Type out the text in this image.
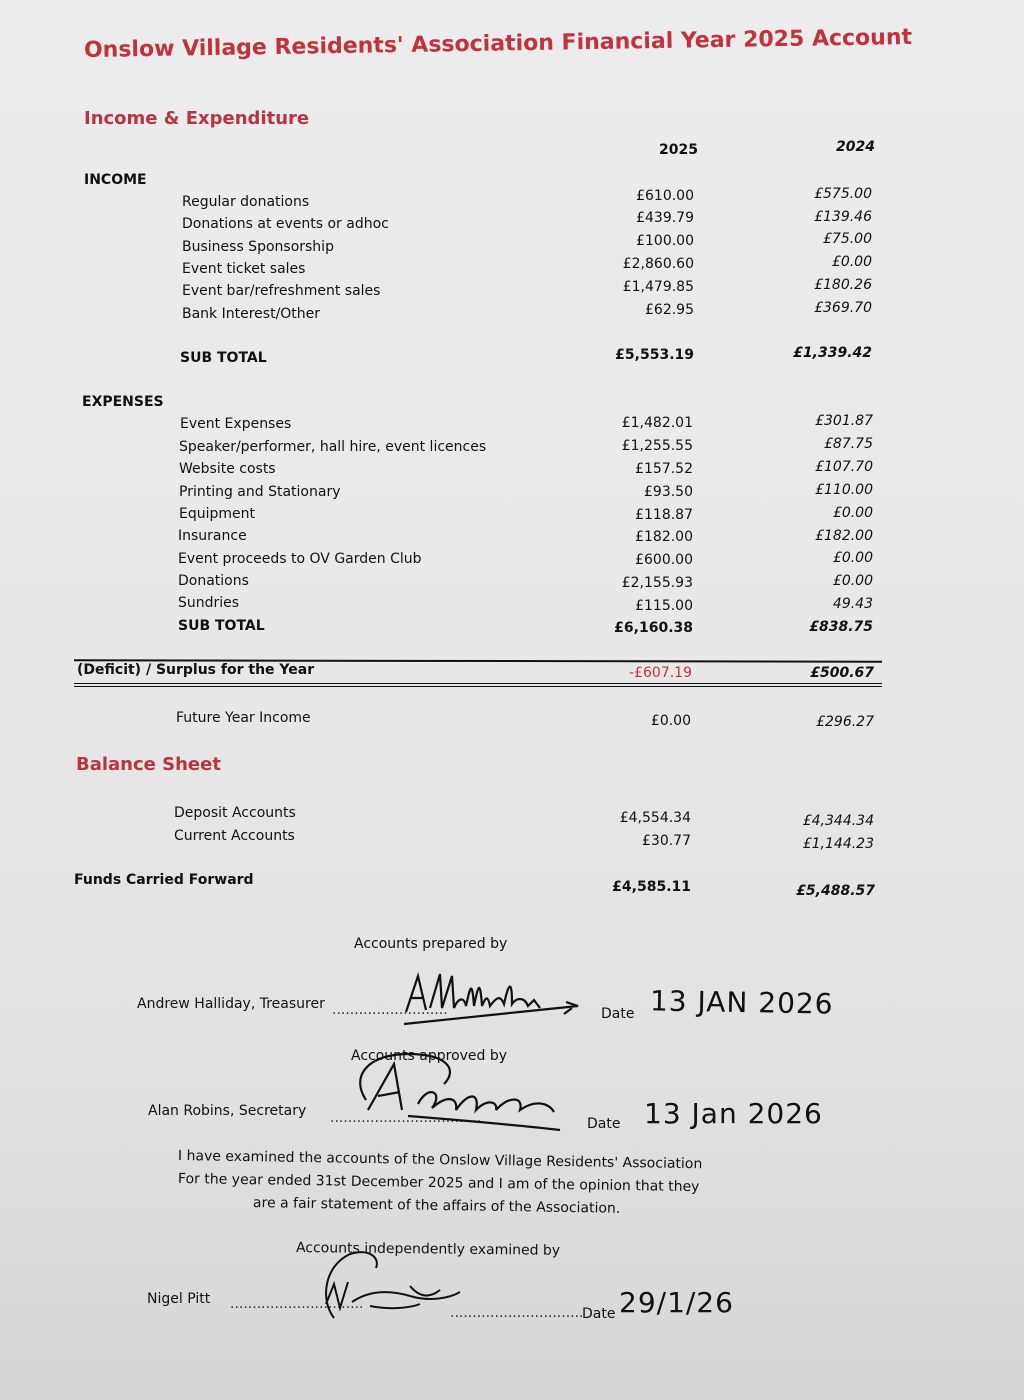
Onslow Village Residents' Association Financial Year 2025 Account
Income & Expenditure
2025	2024
INCOME
Regular donations	£610.00	£575.00
Donations at events or adhoc	£439.79	£139.46
Business Sponsorship	£100.00	£75.00
Event ticket sales	£2,860.60	£0.00
Event bar/refreshment sales	£1,479.85	£180.26
Bank Interest/Other	£62.95	£369.70
SUB TOTAL	£5,553.19	£1,339.42
EXPENSES
Event Expenses	£1,482.01	£301.87
Speaker/performer, hall hire, event licences	£1,255.55	£87.75
Website costs	£157.52	£107.70
Printing and Stationary	£93.50	£110.00
Equipment	£118.87	£0.00
Insurance	£182.00	£182.00
Event proceeds to OV Garden Club	£600.00	£0.00
Donations	£2,155.93	£0.00
Sundries	£115.00	49.43
SUB TOTAL	£6,160.38	£838.75
(Deficit) / Surplus for the Year	-£607.19	£500.67
Future Year Income	£0.00	£296.27
Balance Sheet
Deposit Accounts	£4,554.34	£4,344.34
Current Accounts	£30.77	£1,144.23
Funds Carried Forward	£4,585.11	£5,488.57
Accounts prepared by
Andrew Halliday, Treasurer ..........................	Date 13 JAN 2026
Accounts approved by
Alan Robins, Secretary ..................................	Date 13 Jan 2026
I have examined the accounts of the Onslow Village Residents' Association
For the year ended 31st December 2025 and I am of the opinion that they
are a fair statement of the affairs of the Association.
Accounts independently examined by
Nigel Pitt ..............................
..............................
Date 29/1/26
